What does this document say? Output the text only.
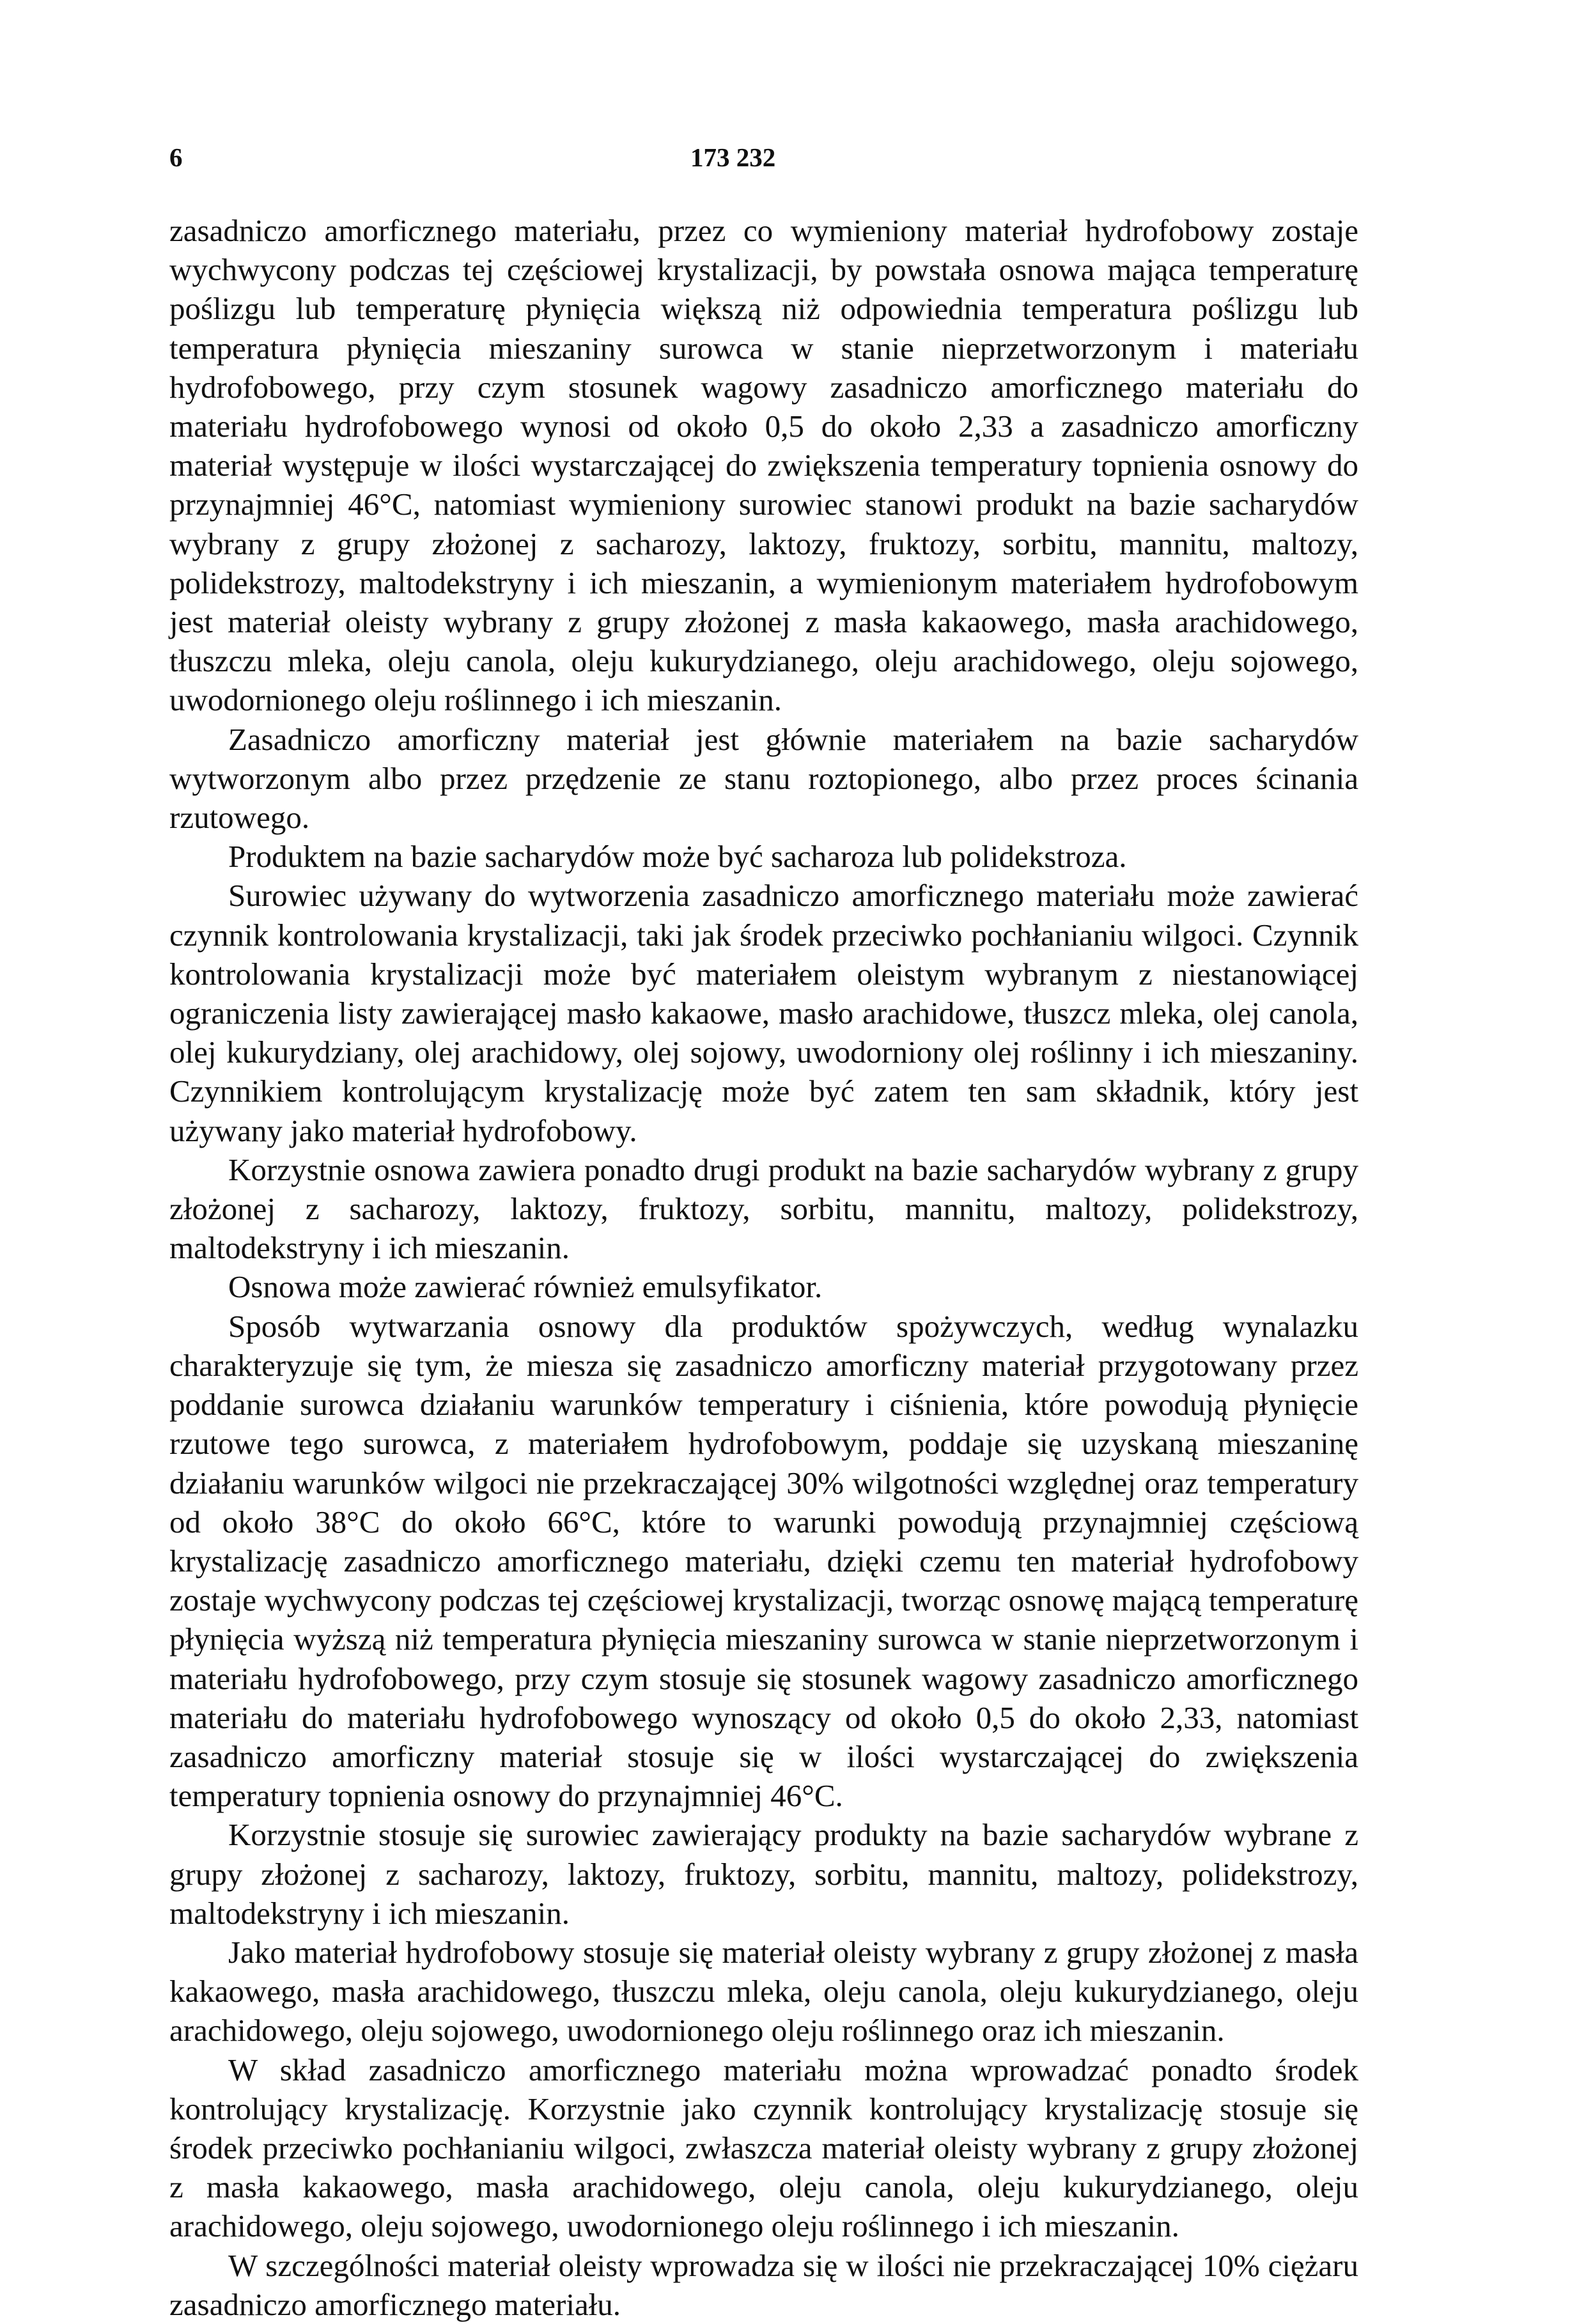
6	173 232

zasadniczo amorficznego materiału, przez co wymieniony materiał hydrofobowy zostaje wychwycony podczas tej częściowej krystalizacji, by powstała osnowa mająca temperaturę poślizgu lub temperaturę płynięcia większą niż odpowiednia temperatura poślizgu lub temperatura płynięcia mieszaniny surowca w stanie nieprzetworzonym i materiału hydrofobowego, przy czym stosunek wagowy zasadniczo amorficznego materiału do materiału hydrofobowego wynosi od około 0,5 do około 2,33 a zasadniczo amorficzny materiał występuje w ilości wystarczającej do zwiększenia temperatury topnienia osnowy do przynajmniej 46°C, natomiast wymieniony surowiec stanowi produkt na bazie sacharydów wybrany z grupy złożonej z sacharozy, laktozy, fruktozy, sorbitu, mannitu, maltozy, polidekstrozy, maltodekstryny i ich mieszanin, a wymienionym materiałem hydrofobowym jest materiał oleisty wybrany z grupy złożonej z masła kakaowego, masła arachidowego, tłuszczu mleka, oleju canola, oleju kukurydzianego, oleju arachidowego, oleju sojowego, uwodornionego oleju roślinnego i ich mieszanin.

Zasadniczo amorficzny materiał jest głównie materiałem na bazie sacharydów wytworzonym albo przez przędzenie ze stanu roztopionego, albo przez proces ścinania rzutowego.

Produktem na bazie sacharydów może być sacharoza lub polidekstroza.

Surowiec używany do wytworzenia zasadniczo amorficznego materiału może zawierać czynnik kontrolowania krystalizacji, taki jak środek przeciwko pochłanianiu wilgoci. Czynnik kontrolowania krystalizacji może być materiałem oleistym wybranym z niestanowiącej ograniczenia listy zawierającej masło kakaowe, masło arachidowe, tłuszcz mleka, olej canola, olej kukurydziany, olej arachidowy, olej sojowy, uwodorniony olej roślinny i ich mieszaniny. Czynnikiem kontrolującym krystalizację może być zatem ten sam składnik, który jest używany jako materiał hydrofobowy.

Korzystnie osnowa zawiera ponadto drugi produkt na bazie sacharydów wybrany z grupy złożonej z sacharozy, laktozy, fruktozy, sorbitu, mannitu, maltozy, polidekstrozy, maltodekstryny i ich mieszanin.

Osnowa może zawierać również emulsyfikator.

Sposób wytwarzania osnowy dla produktów spożywczych, według wynalazku charakteryzuje się tym, że miesza się zasadniczo amorficzny materiał przygotowany przez poddanie surowca działaniu warunków temperatury i ciśnienia, które powodują płynięcie rzutowe tego surowca, z materiałem hydrofobowym, poddaje się uzyskaną mieszaninę działaniu warunków wilgoci nie przekraczającej 30% wilgotności względnej oraz temperatury od około 38°C do około 66°C, które to warunki powodują przynajmniej częściową krystalizację zasadniczo amorficznego materiału, dzięki czemu ten materiał hydrofobowy zostaje wychwycony podczas tej częściowej krystalizacji, tworząc osnowę mającą temperaturę płynięcia wyższą niż temperatura płynięcia mieszaniny surowca w stanie nieprzetworzonym i materiału hydrofobowego, przy czym stosuje się stosunek wagowy zasadniczo amorficznego materiału do materiału hydrofobowego wynoszący od około 0,5 do około 2,33, natomiast zasadniczo amorficzny materiał stosuje się w ilości wystarczającej do zwiększenia temperatury topnienia osnowy do przynajmniej 46°C.

Korzystnie stosuje się surowiec zawierający produkty na bazie sacharydów wybrane z grupy złożonej z sacharozy, laktozy, fruktozy, sorbitu, mannitu, maltozy, polidekstrozy, maltodekstryny i ich mieszanin.

Jako materiał hydrofobowy stosuje się materiał oleisty wybrany z grupy złożonej z masła kakaowego, masła arachidowego, tłuszczu mleka, oleju canola, oleju kukurydzianego, oleju arachidowego, oleju sojowego, uwodornionego oleju roślinnego oraz ich mieszanin.

W skład zasadniczo amorficznego materiału można wprowadzać ponadto środek kontrolujący krystalizację. Korzystnie jako czynnik kontrolujący krystalizację stosuje się środek przeciwko pochłanianiu wilgoci, zwłaszcza materiał oleisty wybrany z grupy złożonej z masła kakaowego, masła arachidowego, oleju canola, oleju kukurydzianego, oleju arachidowego, oleju sojowego, uwodornionego oleju roślinnego i ich mieszanin.

W szczególności materiał oleisty wprowadza się w ilości nie przekraczającej 10% ciężaru zasadniczo amorficznego materiału.
